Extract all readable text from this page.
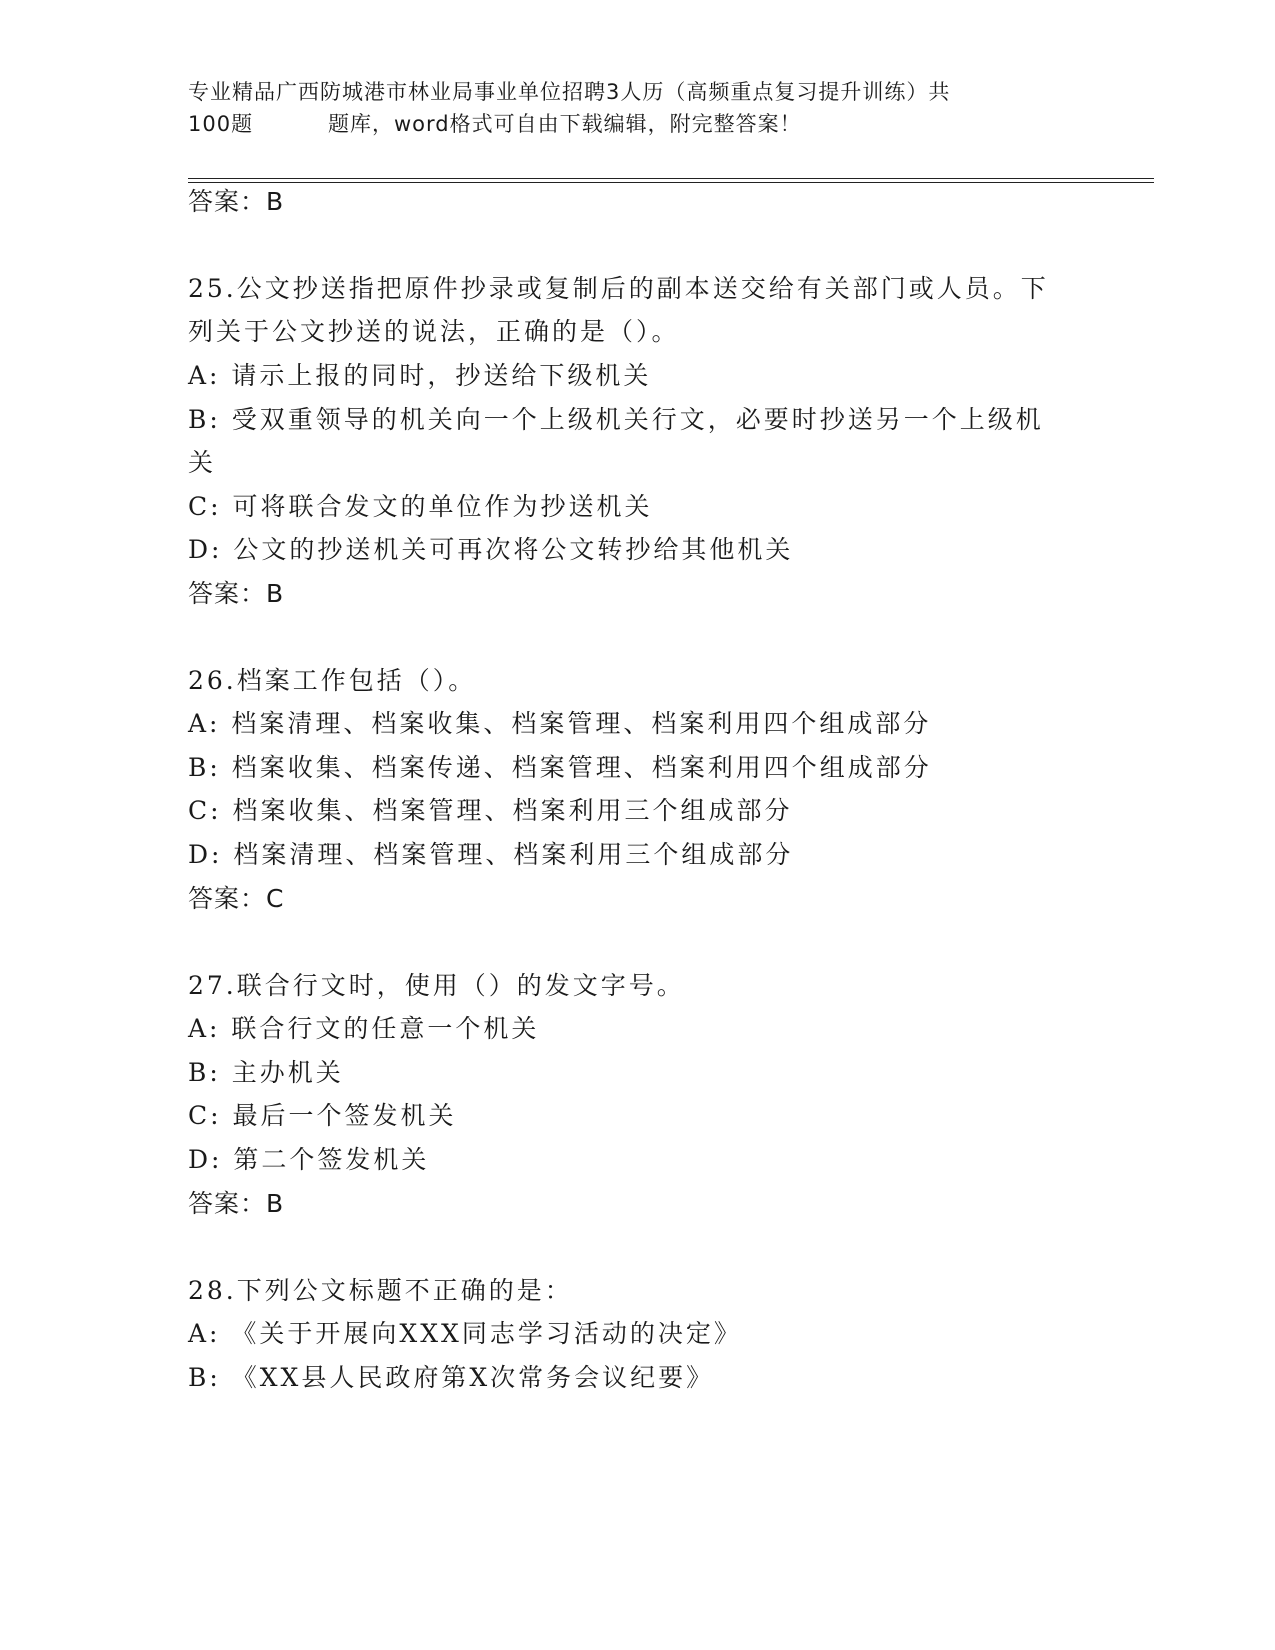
专业精品广西防城港市林业局事业单位招聘3人历（高频重点复习提升训练）共
100题	题库，word格式可自由下载编辑，附完整答案！
答案：B
25.公文抄送指把原件抄录或复制后的副本送交给有关部门或人员。下
列关于公文抄送的说法，正确的是（）。
A: 请示上报的同时，抄送给下级机关
B: 受双重领导的机关向一个上级机关行文，必要时抄送另一个上级机
关
C: 可将联合发文的单位作为抄送机关
D: 公文的抄送机关可再次将公文转抄给其他机关
答案：B
26.档案工作包括（）。
A: 档案清理、档案收集、档案管理、档案利用四个组成部分
B: 档案收集、档案传递、档案管理、档案利用四个组成部分
C: 档案收集、档案管理、档案利用三个组成部分
D: 档案清理、档案管理、档案利用三个组成部分
答案：C
27.联合行文时，使用（）的发文字号。
A: 联合行文的任意一个机关
B: 主办机关
C: 最后一个签发机关
D: 第二个签发机关
答案：B
28.下列公文标题不正确的是：
A: 《关于开展向XXX同志学习活动的决定》
B: 《XX县人民政府第X次常务会议纪要》
